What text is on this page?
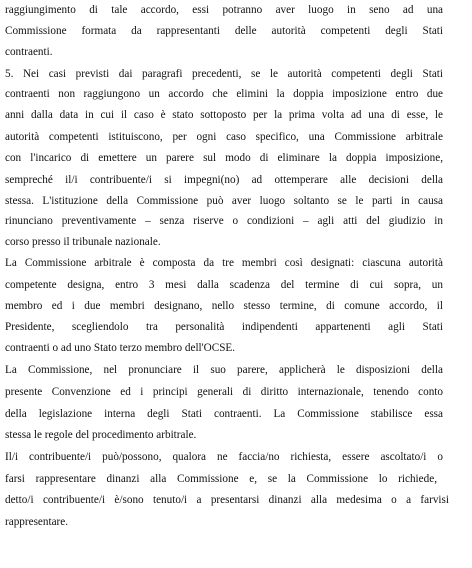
raggiungimento di tale accordo, essi potranno aver luogo in seno ad una
Commissione formata da rappresentanti delle autorità competenti degli Stati
contraenti.
5. Nei casi previsti dai paragrafi precedenti, se le autorità competenti degli Stati
contraenti non raggiungono un accordo che elimini la doppia imposizione entro due
anni dalla data in cui il caso è stato sottoposto per la prima volta ad una di esse, le
autorità competenti istituiscono, per ogni caso specifico, una Commissione arbitrale
con l'incarico di emettere un parere sul modo di eliminare la doppia imposizione,
sempreché il/i contribuente/i si impegni(no) ad ottemperare alle decisioni della
stessa. L'istituzione della Commissione può aver luogo soltanto se le parti in causa
rinunciano preventivamente – senza riserve o condizioni – agli atti del giudizio in
corso presso il tribunale nazionale.
La Commissione arbitrale è composta da tre membri così designati: ciascuna autorità
competente designa, entro 3 mesi dalla scadenza del termine di cui sopra, un
membro ed i due membri designano, nello stesso termine, di comune accordo, il
Presidente, scegliendolo tra personalità indipendenti appartenenti agli Stati
contraenti o ad uno Stato terzo membro dell'OCSE.
La Commissione, nel pronunciare il suo parere, applicherà le disposizioni della
presente Convenzione ed i principi generali di diritto internazionale, tenendo conto
della legislazione interna degli Stati contraenti. La Commissione stabilisce essa
stessa le regole del procedimento arbitrale.
Il/i contribuente/i può/possono, qualora ne faccia/no richiesta, essere ascoltato/i o
farsi rappresentare dinanzi alla Commissione e, se la Commissione lo richiede,
detto/i contribuente/i è/sono tenuto/i a presentarsi dinanzi alla medesima o a farvisi
rappresentare.
